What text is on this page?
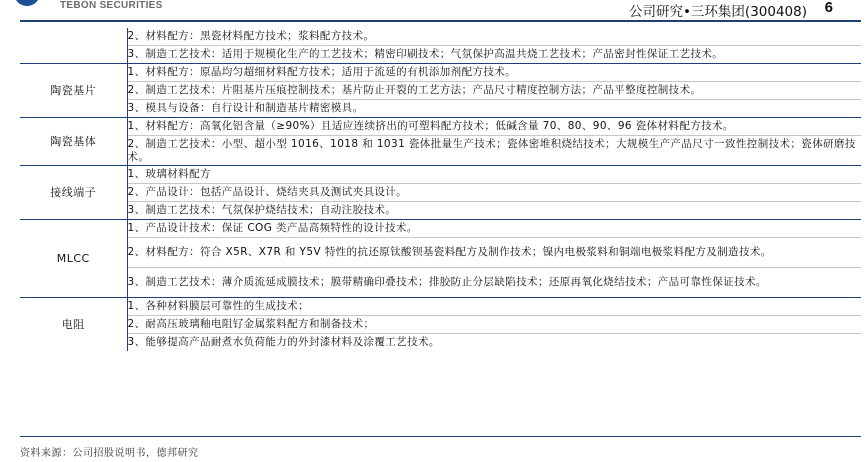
TEBON SECURITIES	公司研究•三环集团(300408) 6
	2、材料配方：黑瓷材料配方技术；浆料配方技术。
	3、制造工艺技术：适用于规模化生产的工艺技术；精密印刷技术；气氛保护高温共烧工艺技术；产品密封性保证工艺技术。
陶瓷基片	1、材料配方：原晶均匀超细材料配方技术；适用于流延的有机添加剂配方技术。
	2、制造工艺技术：片阻基片压痕控制技术；基片防止开裂的工艺方法；产品尺寸精度控制方法；产品平整度控制技术。
	3、模具与设备：自行设计和制造基片精密模具。
陶瓷基体	1、材料配方：高氧化铝含量（≥90%）且适应连续挤出的可塑料配方技术；低碱含量 70、80、90、96 瓷体材料配方技术。
	2、制造工艺技术：小型、超小型 1016、1018 和 1031 瓷体批量生产技术；瓷体密堆积烧结技术；大规模生产产品尺寸一致性控制技术；瓷体研磨技术。
接线端子	1、玻璃材料配方
	2、产品设计：包括产品设计、烧结夹具及测试夹具设计。
	3、制造工艺技术：气氛保护烧结技术；自动注胶技术。
MLCC	1、产品设计技术：保证 COG 类产品高频特性的设计技术。
	2、材料配方：符合 X5R、X7R 和 Y5V 特性的抗还原钛酸钡基瓷料配方及制作技术；镍内电极浆料和铜端电极浆料配方及制造技术。
	3、制造工艺技术：薄介质流延成膜技术；膜带精确印叠技术；排胶防止分层缺陷技术；还原再氧化烧结技术；产品可靠性保证技术。
电阻	1、各种材料膜层可靠性的生成技术；
	2、耐高压玻璃釉电阻钌金属浆料配方和制备技术；
	3、能够提高产品耐煮水负荷能力的外封漆材料及涂覆工艺技术。
资料来源：公司招股说明书，德邦研究
